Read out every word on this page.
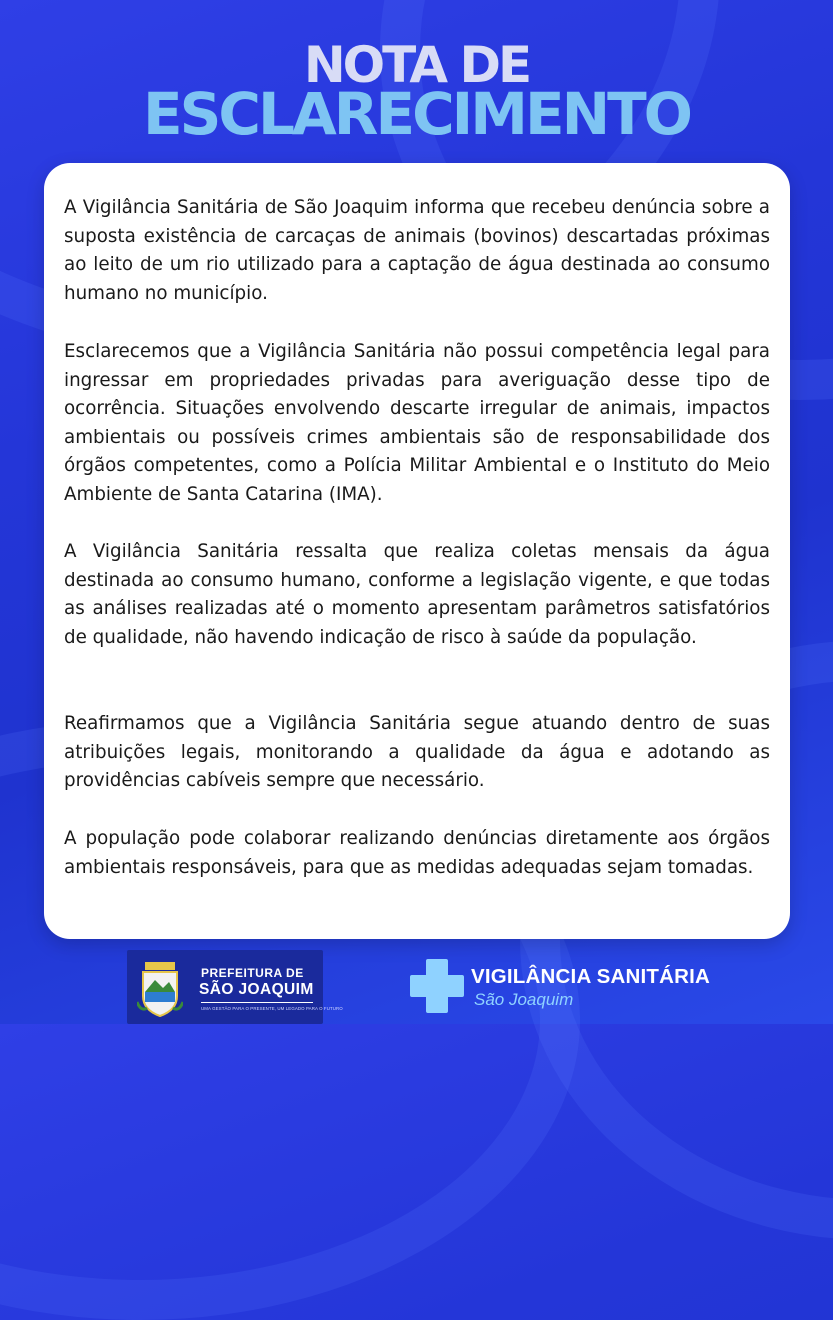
NOTA DE
ESCLARECIMENTO

A Vigilância Sanitária de São Joaquim informa que recebeu denúncia sobre a suposta existência de carcaças de animais (bovinos) descartadas próximas ao leito de um rio utilizado para a captação de água destinada ao consumo humano no município.

Esclarecemos que a Vigilância Sanitária não possui competência legal para ingressar em propriedades privadas para averiguação desse tipo de ocorrência. Situações envolvendo descarte irregular de animais, impactos ambientais ou possíveis crimes ambientais são de responsabilidade dos órgãos competentes, como a Polícia Militar Ambiental e o Instituto do Meio Ambiente de Santa Catarina (IMA).

A Vigilância Sanitária ressalta que realiza coletas mensais da água destinada ao consumo humano, conforme a legislação vigente, e que todas as análises realizadas até o momento apresentam parâmetros satisfatórios de qualidade, não havendo indicação de risco à saúde da população.

Reafirmamos que a Vigilância Sanitária segue atuando dentro de suas atribuições legais, monitorando a qualidade da água e adotando as providências cabíveis sempre que necessário.

A população pode colaborar realizando denúncias diretamente aos órgãos ambientais responsáveis, para que as medidas adequadas sejam tomadas.

PREFEITURA DE
SÃO JOAQUIM
UMA GESTÃO PARA O PRESENTE, UM LEGADO PARA O FUTURO
VIGILÂNCIA SANITÁRIA
São Joaquim
